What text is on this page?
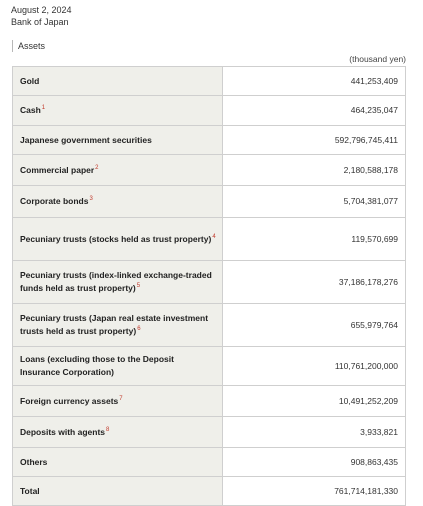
August 2, 2024
Bank of Japan
Assets
(thousand yen)
Gold	441,253,409
Cash$^1$	464,235,047
Japanese government securities	592,796,745,411
Commercial paper$^2$	2,180,588,178
Corporate bonds$^3$	5,704,381,077
Pecuniary trusts (stocks held as trust property)$^4$	119,570,699
Pecuniary trusts (index-linked exchange-traded funds held as trust property)$^5$	37,186,178,276
Pecuniary trusts (Japan real estate investment trusts held as trust property)$^6$	655,979,764
Loans (excluding those to the Deposit Insurance Corporation)	110,761,200,000
Foreign currency assets$^7$	10,491,252,209
Deposits with agents$^8$	3,933,821
Others	908,863,435
Total	761,714,181,330
